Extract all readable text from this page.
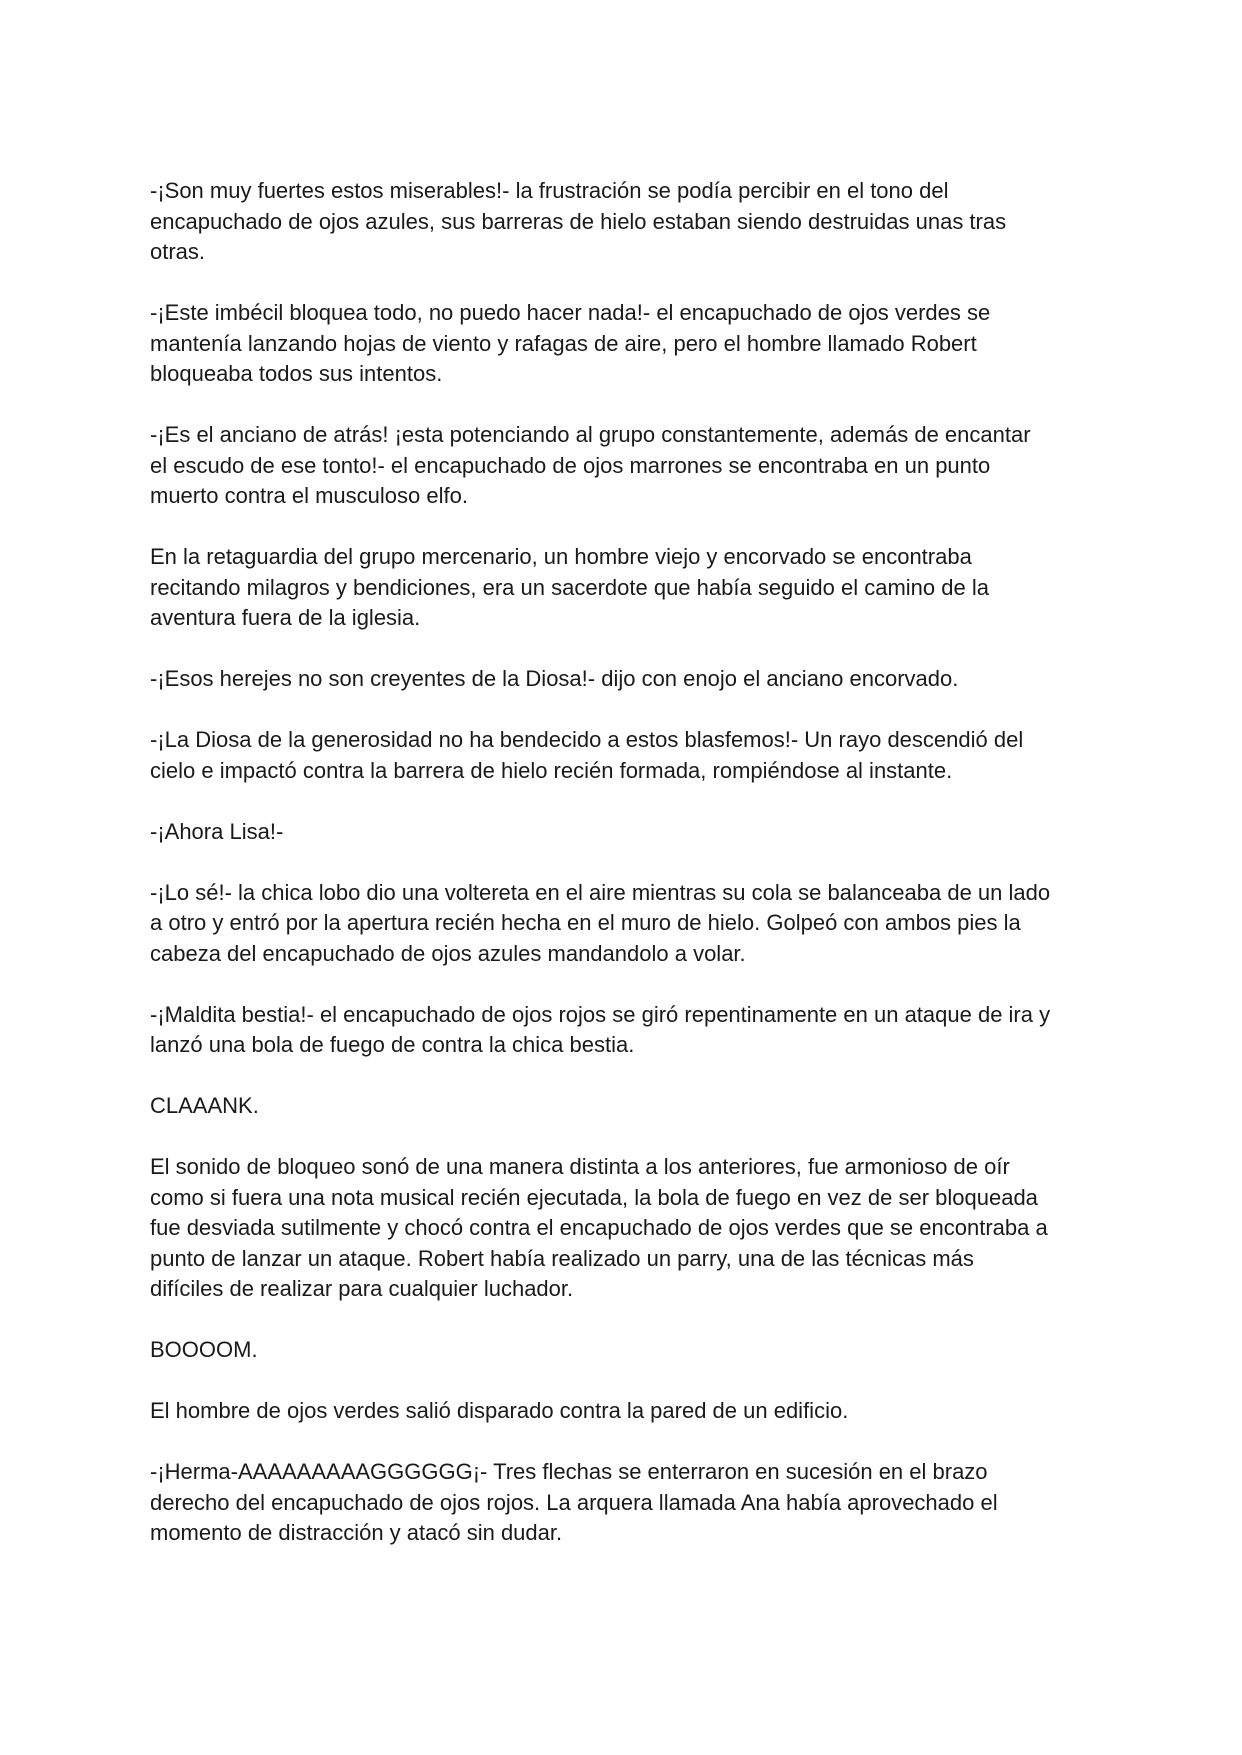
-¡Son muy fuertes estos miserables!- la frustración se podía percibir en el tono del
encapuchado de ojos azules, sus barreras de hielo estaban siendo destruidas unas tras
otras.

-¡Este imbécil bloquea todo, no puedo hacer nada!- el encapuchado de ojos verdes se
mantenía lanzando hojas de viento y rafagas de aire, pero el hombre llamado Robert
bloqueaba todos sus intentos.

-¡Es el anciano de atrás! ¡esta potenciando al grupo constantemente, además de encantar
el escudo de ese tonto!- el encapuchado de ojos marrones se encontraba en un punto
muerto contra el musculoso elfo.

En la retaguardia del grupo mercenario, un hombre viejo y encorvado se encontraba
recitando milagros y bendiciones, era un sacerdote que había seguido el camino de la
aventura fuera de la iglesia.

-¡Esos herejes no son creyentes de la Diosa!- dijo con enojo el anciano encorvado.

-¡La Diosa de la generosidad no ha bendecido a estos blasfemos!- Un rayo descendió del
cielo e impactó contra la barrera de hielo recién formada, rompiéndose al instante.

-¡Ahora Lisa!-

-¡Lo sé!- la chica lobo dio una voltereta en el aire mientras su cola se balanceaba de un lado
a otro y entró por la apertura recién hecha en el muro de hielo. Golpeó con ambos pies la
cabeza del encapuchado de ojos azules mandandolo a volar.

-¡Maldita bestia!- el encapuchado de ojos rojos se giró repentinamente en un ataque de ira y
lanzó una bola de fuego de contra la chica bestia.

CLAAANK.

El sonido de bloqueo sonó de una manera distinta a los anteriores, fue armonioso de oír
como si fuera una nota musical recién ejecutada, la bola de fuego en vez de ser bloqueada
fue desviada sutilmente y chocó contra el encapuchado de ojos verdes que se encontraba a
punto de lanzar un ataque. Robert había realizado un parry, una de las técnicas más
difíciles de realizar para cualquier luchador.

BOOOOM.

El hombre de ojos verdes salió disparado contra la pared de un edificio.

-¡Herma-AAAAAAAAAGGGGGG¡- Tres flechas se enterraron en sucesión en el brazo
derecho del encapuchado de ojos rojos. La arquera llamada Ana había aprovechado el
momento de distracción y atacó sin dudar.
